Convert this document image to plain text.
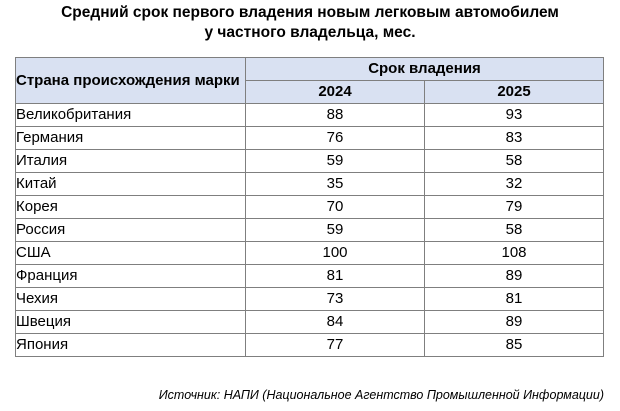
Средний срок первого владения новым легковым автомобилем
у частного владельца, мес.
Страна происхождения марки	Срок владения	
	2024	2025
Великобритания	88	93
Германия	76	83
Италия	59	58
Китай	35	32
Корея	70	79
Россия	59	58
США	100	108
Франция	81	89
Чехия	73	81
Швеция	84	89
Япония	77	85
Источник: НАПИ (Национальное Агентство Промышленной Информации)
